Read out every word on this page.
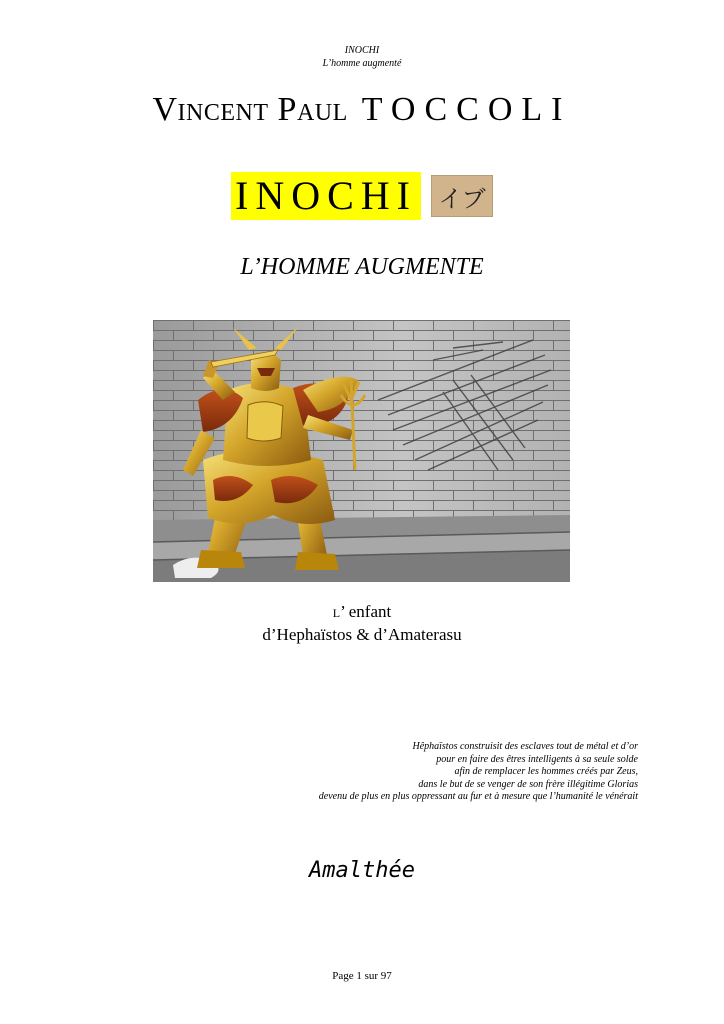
INOCHI
L’homme augmenté
Vincent Paul TOCCOLI
INOCHI イブ
L’HOMME AUGMENTE
L’ enfant
d’Hephaïstos & d’Amaterasu
Hêphaïstos construisit des esclaves tout de métal et d’or
pour en faire des êtres intelligents à sa seule solde
afin de remplacer les hommes créés par Zeus,
dans le but de se venger de son frère illégitime Glorias
devenu de plus en plus oppressant au fur et à mesure que l’humanité le vénérait
Amalthée
Page 1 sur 97
